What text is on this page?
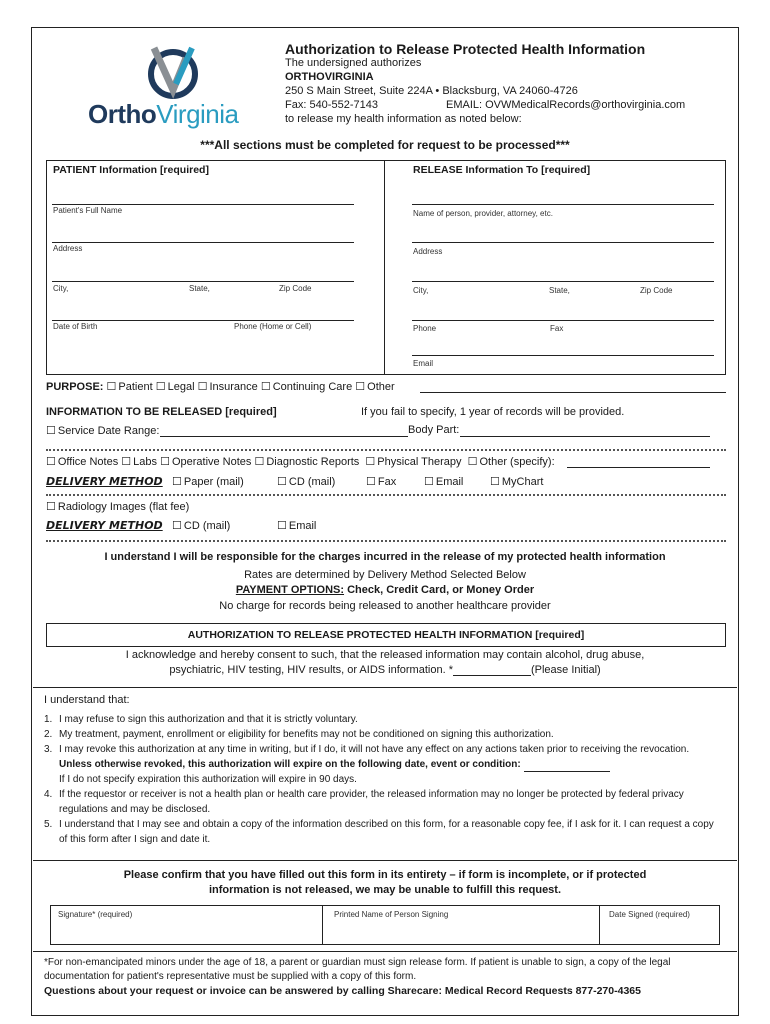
OrthoVirginia
Authorization to Release Protected Health Information
The undersigned authorizes
ORTHOVIRGINIA
250 S Main Street, Suite 224A • Blacksburg, VA 24060-4726
Fax: 540-552-7143	EMAIL: OVWMedicalRecords@orthovirginia.com
to release my health information as noted below:
***All sections must be completed for request to be processed***
PATIENT Information [required]
Patient's Full Name
Address
City,	State,	Zip Code
Date of Birth	Phone (Home or Cell)
RELEASE Information To [required]
Name of person, provider, attorney, etc.
Address
City,	State,	Zip Code
Phone	Fax
Email
PURPOSE: ☐ Patient ☐ Legal ☐ Insurance ☐ Continuing Care ☐ Other
INFORMATION TO BE RELEASED [required]	If you fail to specify, 1 year of records will be provided.
☐ Service Date Range:	Body Part:
☐ Office Notes ☐ Labs ☐ Operative Notes ☐ Diagnostic Reports ☐ Physical Therapy ☐ Other (specify):
DELIVERY METHOD ☐ Paper (mail)	☐ CD (mail)	☐ Fax	☐ Email ☐ MyChart
☐ Radiology Images (flat fee)
DELIVERY METHOD ☐ CD (mail)	☐ Email
I understand I will be responsible for the charges incurred in the release of my protected health information
Rates are determined by Delivery Method Selected Below
PAYMENT OPTIONS: Check, Credit Card, or Money Order
No charge for records being released to another healthcare provider
AUTHORIZATION TO RELEASE PROTECTED HEALTH INFORMATION [required]
I acknowledge and hereby consent to such, that the released information may contain alcohol, drug abuse,
psychiatric, HIV testing, HIV results, or AIDS information. *	(Please Initial)
I understand that:
1. I may refuse to sign this authorization and that it is strictly voluntary.
2. My treatment, payment, enrollment or eligibility for benefits may not be conditioned on signing this authorization.
3. I may revoke this authorization at any time in writing, but if I do, it will not have any effect on any actions taken prior to receiving the revocation. Unless otherwise revoked, this authorization will expire on the following date, event or condition:
If I do not specify expiration this authorization will expire in 90 days.
4. If the requestor or receiver is not a health plan or health care provider, the released information may no longer be protected by federal privacy regulations and may be disclosed.
5. I understand that I may see and obtain a copy of the information described on this form, for a reasonable copy fee, if I ask for it. I can request a copy of this form after I sign and date it.
Please confirm that you have filled out this form in its entirety – if form is incomplete, or if protected
information is not released, we may be unable to fulfill this request.
Signature* (required)	Printed Name of Person Signing	Date Signed (required)
*For non-emancipated minors under the age of 18, a parent or guardian must sign release form. If patient is unable to sign, a copy of the legal
documentation for patient's representative must be supplied with a copy of this form.
Questions about your request or invoice can be answered by calling Sharecare: Medical Record Requests 877-270-4365
